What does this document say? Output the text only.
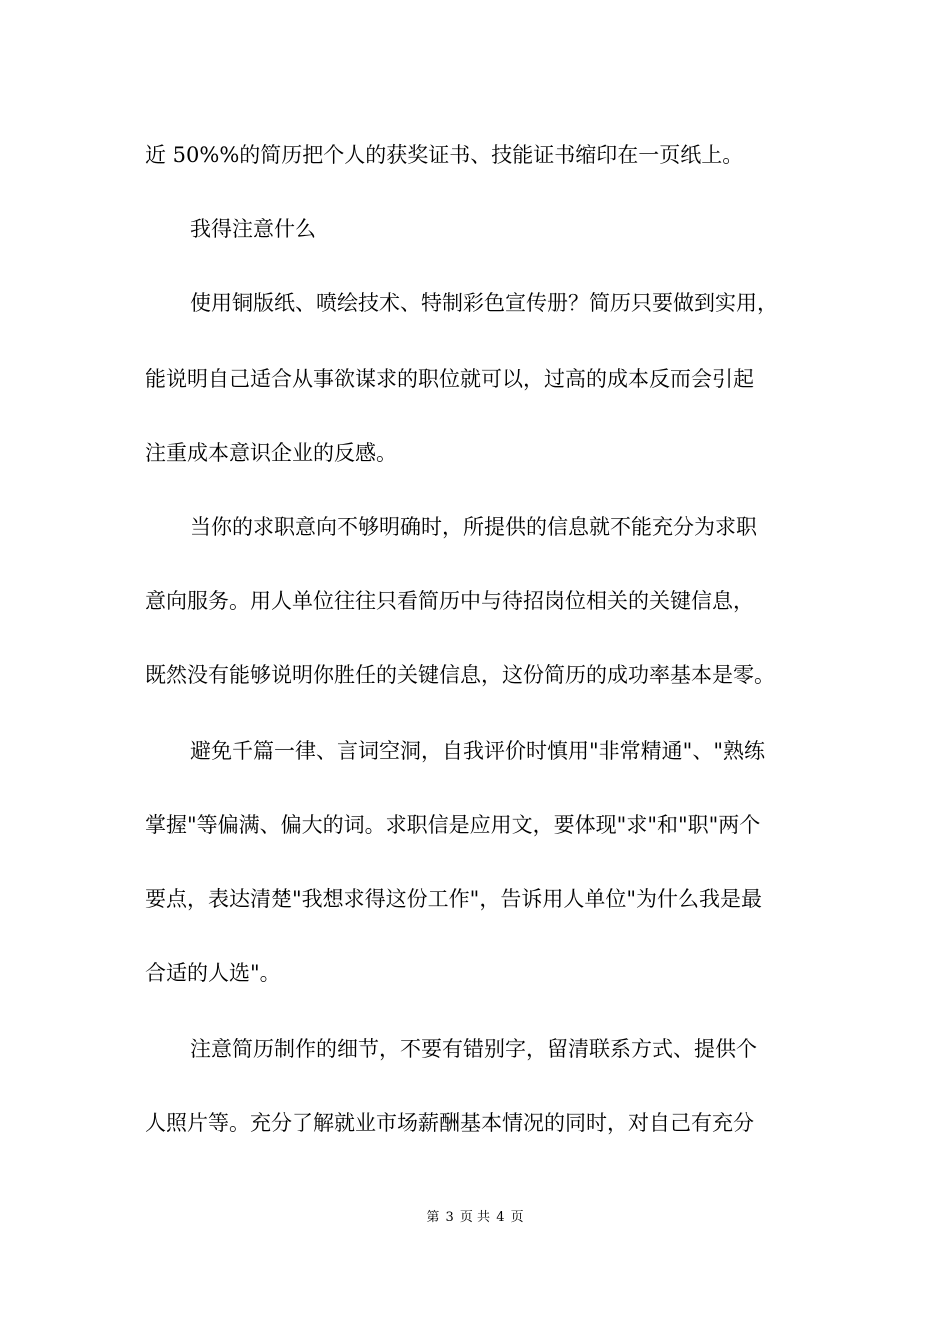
近 50%%的简历把个人的获奖证书、技能证书缩印在一页纸上。
我得注意什么
使用铜版纸、喷绘技术、特制彩色宣传册？简历只要做到实用，
能说明自己适合从事欲谋求的职位就可以，过高的成本反而会引起
注重成本意识企业的反感。
当你的求职意向不够明确时，所提供的信息就不能充分为求职
意向服务。用人单位往往只看简历中与待招岗位相关的关键信息，
既然没有能够说明你胜任的关键信息，这份简历的成功率基本是零。
避免千篇一律、言词空洞，自我评价时慎用"非常精通"、"熟练
掌握"等偏满、偏大的词。求职信是应用文，要体现"求"和"职"两个
要点，表达清楚"我想求得这份工作"，告诉用人单位"为什么我是最
合适的人选"。
注意简历制作的细节，不要有错别字，留清联系方式、提供个
人照片等。充分了解就业市场薪酬基本情况的同时，对自己有充分
第 3 页 共 4 页
